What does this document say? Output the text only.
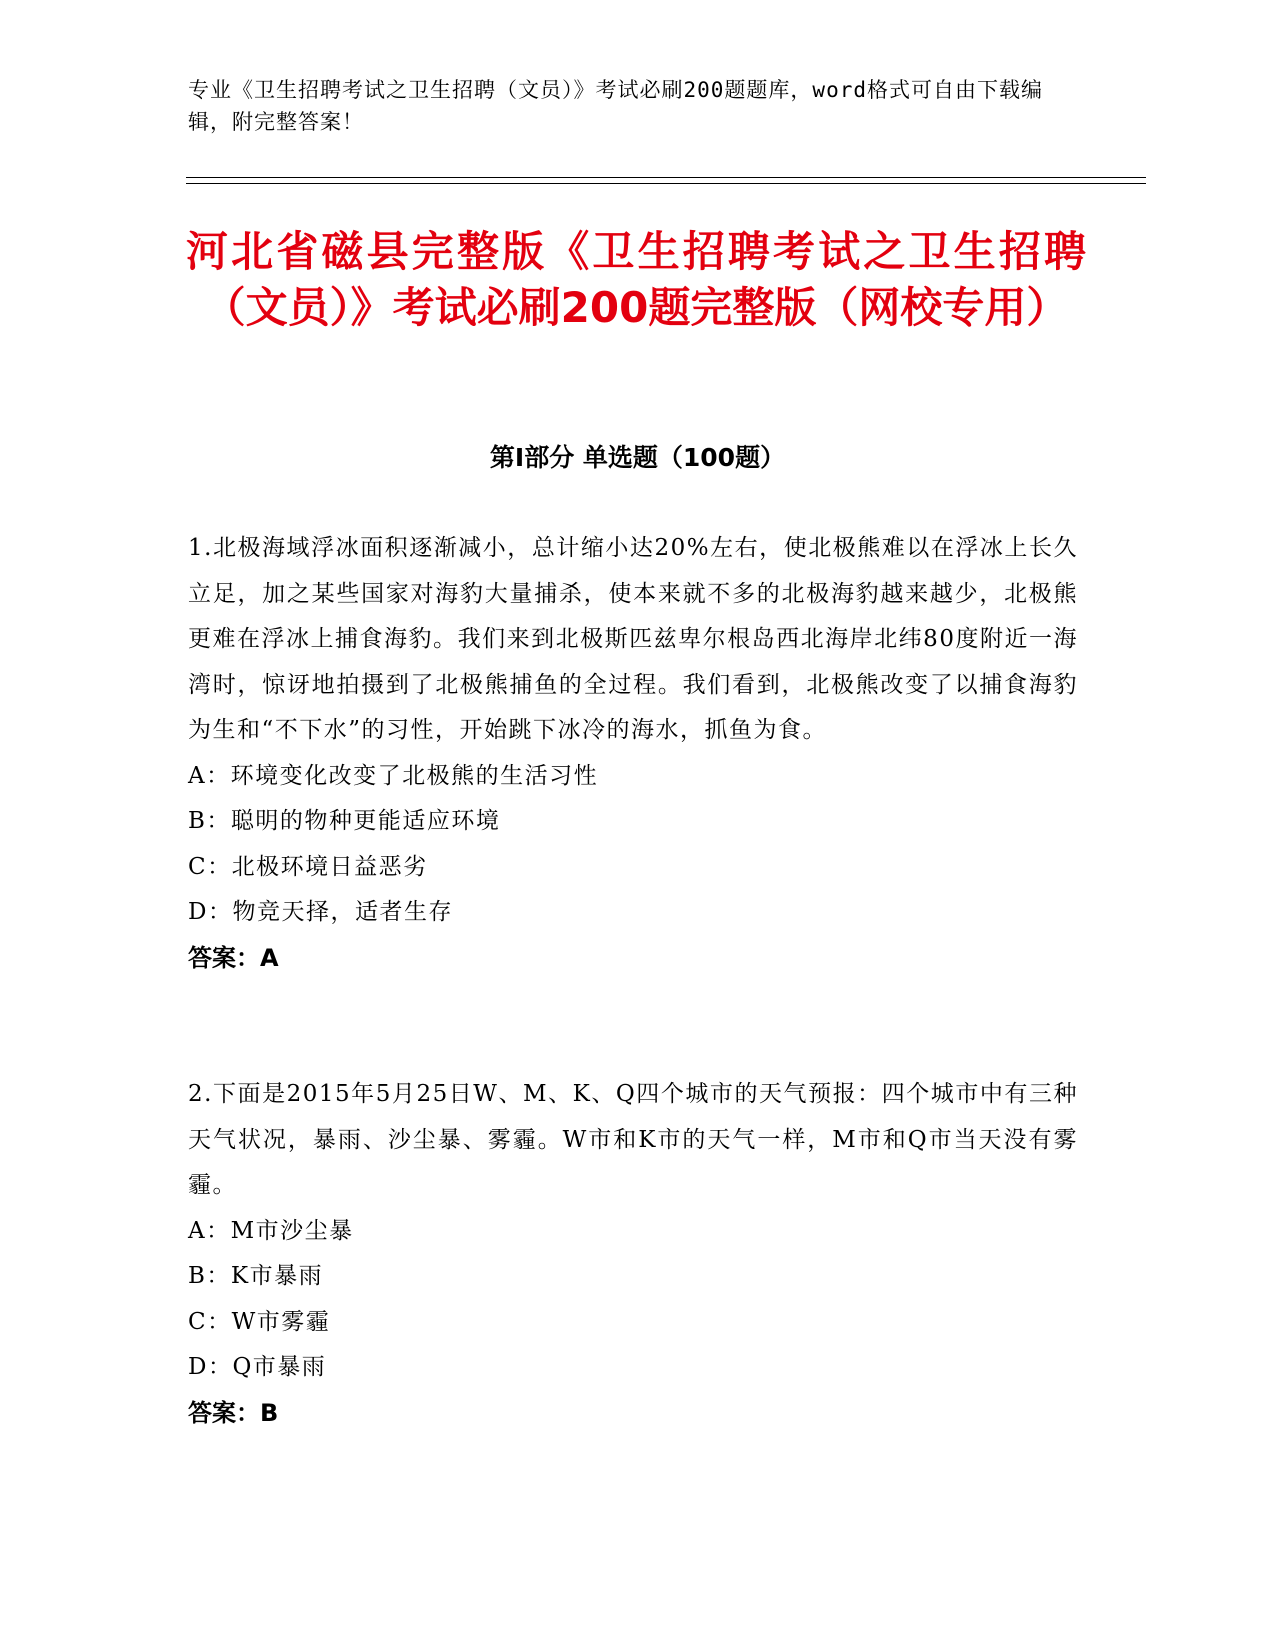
专业《卫生招聘考试之卫生招聘（文员）》考试必刷200题题库，word格式可自由下载编辑，附完整答案！
河北省磁县完整版《卫生招聘考试之卫生招聘（文员）》考试必刷200题完整版（网校专用）
第I部分 单选题（100题）
1.北极海域浮冰面积逐渐减小，总计缩小达20%左右，使北极熊难以在浮冰上长久立足，加之某些国家对海豹大量捕杀，使本来就不多的北极海豹越来越少，北极熊更难在浮冰上捕食海豹。我们来到北极斯匹兹卑尔根岛西北海岸北纬80度附近一海湾时，惊讶地拍摄到了北极熊捕鱼的全过程。我们看到，北极熊改变了以捕食海豹为生和“不下水”的习性，开始跳下冰冷的海水，抓鱼为食。
A：环境变化改变了北极熊的生活习性
B：聪明的物种更能适应环境
C：北极环境日益恶劣
D：物竞天择，适者生存
答案：A
2.下面是2015年5月25日W、M、K、Q四个城市的天气预报：四个城市中有三种天气状况，暴雨、沙尘暴、雾霾。W市和K市的天气一样，M市和Q市当天没有雾霾。
A：M市沙尘暴
B：K市暴雨
C：W市雾霾
D：Q市暴雨
答案：B
